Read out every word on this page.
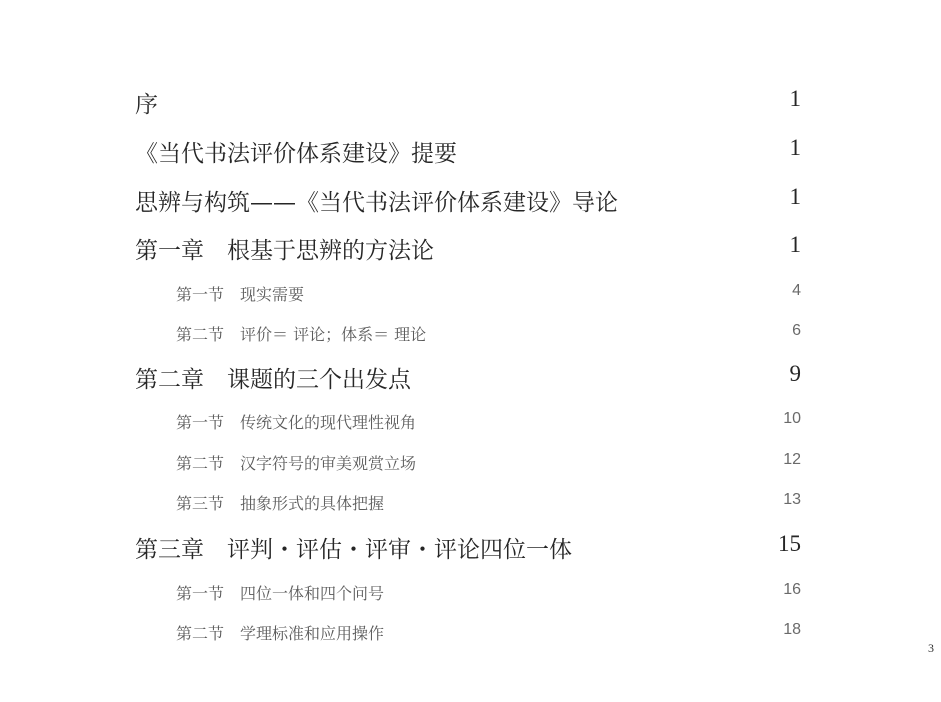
序	1
《当代书法评价体系建设》提要	1
思辨与构筑——《当代书法评价体系建设》导论	1
第一章　根基于思辨的方法论	1
第一节　现实需要	4
第二节　评价＝ 评论；体系＝ 理论	6
第二章　课题的三个出发点	9
第一节　传统文化的现代理性视角	10
第二节　汉字符号的审美观赏立场	12
第三节　抽象形式的具体把握	13
第三章　评判・评估・评审・评论四位一体	15
第一节　四位一体和四个问号	16
第二节　学理标准和应用操作	18
3
